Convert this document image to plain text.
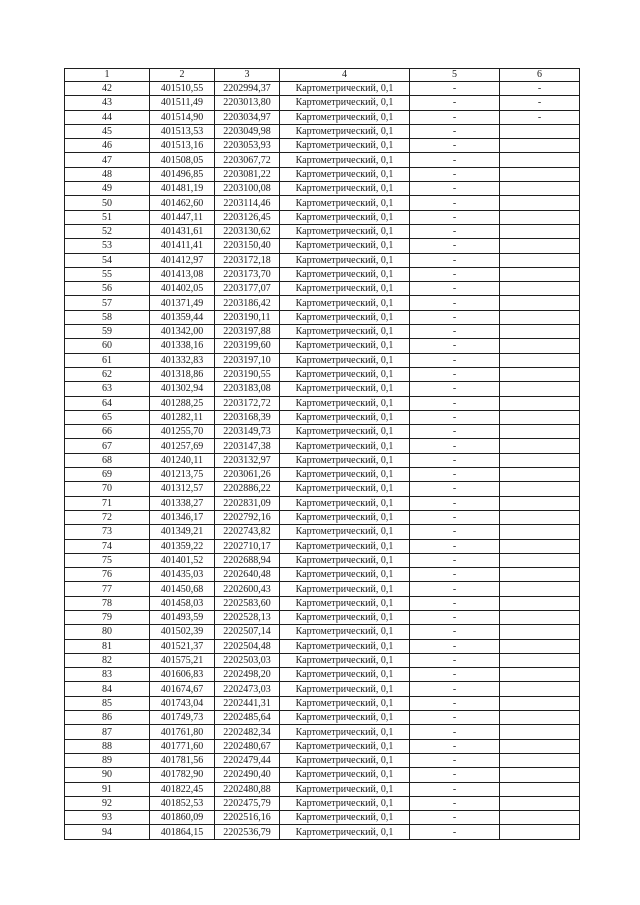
1	2	3	4	5	6
42	401510,55	2202994,37	Картометрический, 0,1	-	-
43	401511,49	2203013,80	Картометрический, 0,1	-	-
44	401514,90	2203034,97	Картометрический, 0,1	-	-
45	401513,53	2203049,98	Картометрический, 0,1	-	
46	401513,16	2203053,93	Картометрический, 0,1	-	
47	401508,05	2203067,72	Картометрический, 0,1	-	
48	401496,85	2203081,22	Картометрический, 0,1	-	
49	401481,19	2203100,08	Картометрический, 0,1	-	
50	401462,60	2203114,46	Картометрический, 0,1	-	
51	401447,11	2203126,45	Картометрический, 0,1	-	
52	401431,61	2203130,62	Картометрический, 0,1	-	
53	401411,41	2203150,40	Картометрический, 0,1	-	
54	401412,97	2203172,18	Картометрический, 0,1	-	
55	401413,08	2203173,70	Картометрический, 0,1	-	
56	401402,05	2203177,07	Картометрический, 0,1	-	
57	401371,49	2203186,42	Картометрический, 0,1	-	
58	401359,44	2203190,11	Картометрический, 0,1	-	
59	401342,00	2203197,88	Картометрический, 0,1	-	
60	401338,16	2203199,60	Картометрический, 0,1	-	
61	401332,83	2203197,10	Картометрический, 0,1	-	
62	401318,86	2203190,55	Картометрический, 0,1	-	
63	401302,94	2203183,08	Картометрический, 0,1	-	
64	401288,25	2203172,72	Картометрический, 0,1	-	
65	401282,11	2203168,39	Картометрический, 0,1	-	
66	401255,70	2203149,73	Картометрический, 0,1	-	
67	401257,69	2203147,38	Картометрический, 0,1	-	
68	401240,11	2203132,97	Картометрический, 0,1	-	
69	401213,75	2203061,26	Картометрический, 0,1	-	
70	401312,57	2202886,22	Картометрический, 0,1	-	
71	401338,27	2202831,09	Картометрический, 0,1	-	
72	401346,17	2202792,16	Картометрический, 0,1	-	
73	401349,21	2202743,82	Картометрический, 0,1	-	
74	401359,22	2202710,17	Картометрический, 0,1	-	
75	401401,52	2202688,94	Картометрический, 0,1	-	
76	401435,03	2202640,48	Картометрический, 0,1	-	
77	401450,68	2202600,43	Картометрический, 0,1	-	
78	401458,03	2202583,60	Картометрический, 0,1	-	
79	401493,59	2202528,13	Картометрический, 0,1	-	
80	401502,39	2202507,14	Картометрический, 0,1	-	
81	401521,37	2202504,48	Картометрический, 0,1	-	
82	401575,21	2202503,03	Картометрический, 0,1	-	
83	401606,83	2202498,20	Картометрический, 0,1	-	
84	401674,67	2202473,03	Картометрический, 0,1	-	
85	401743,04	2202441,31	Картометрический, 0,1	-	
86	401749,73	2202485,64	Картометрический, 0,1	-	
87	401761,80	2202482,34	Картометрический, 0,1	-	
88	401771,60	2202480,67	Картометрический, 0,1	-	
89	401781,56	2202479,44	Картометрический, 0,1	-	
90	401782,90	2202490,40	Картометрический, 0,1	-	
91	401822,45	2202480,88	Картометрический, 0,1	-	
92	401852,53	2202475,79	Картометрический, 0,1	-	
93	401860,09	2202516,16	Картометрический, 0,1	-	
94	401864,15	2202536,79	Картометрический, 0,1	-	
